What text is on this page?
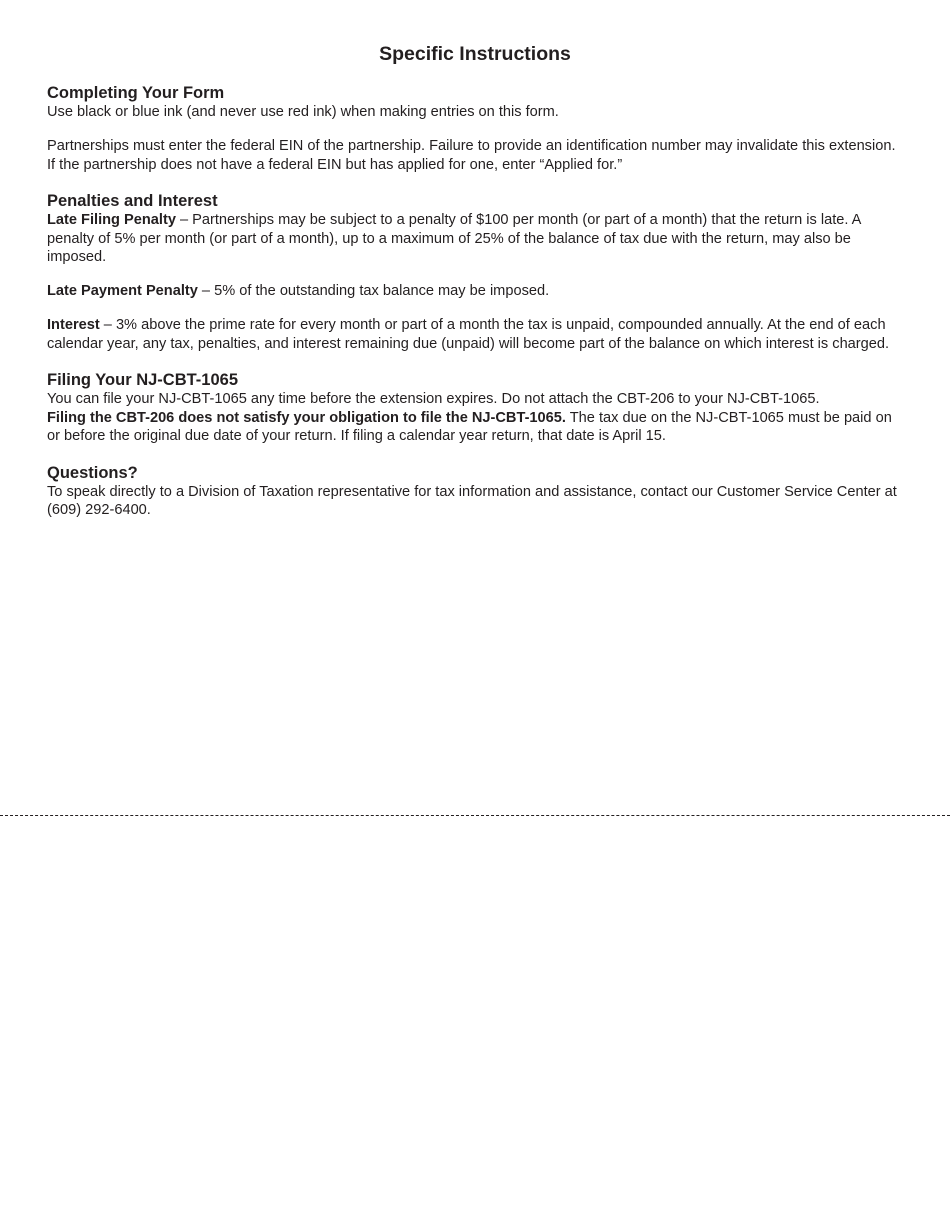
Specific Instructions
Completing Your Form

Use black or blue ink (and never use red ink) when making entries on this form.

Partnerships must enter the federal EIN of the partnership. Failure to provide an identification number may invalidate this extension. If the partnership does not have a federal EIN but has applied for one, enter “Applied for.”

Penalties and Interest

Late Filing Penalty – Partnerships may be subject to a penalty of $100 per month (or part of a month) that the return is late. A penalty of 5% per month (or part of a month), up to a maximum of 25% of the balance of tax due with the return, may also be imposed.

Late Payment Penalty – 5% of the outstanding tax balance may be imposed.

Interest – 3% above the prime rate for every month or part of a month the tax is unpaid, compounded annually. At the end of each calendar year, any tax, penalties, and interest remaining due (unpaid) will become part of the balance on which interest is charged.

Filing Your NJ-CBT-1065

You can file your NJ-CBT-1065 any time before the extension expires. Do not attach the CBT-206 to your NJ-CBT-1065.

Filing the CBT-206 does not satisfy your obligation to file the NJ-CBT-1065. The tax due on the NJ-CBT-1065 must be paid on or before the original due date of your return. If filing a calendar year return, that date is April 15.

Questions?

To speak directly to a Division of Taxation representative for tax information and assistance, contact our Customer Service Center at (609) 292-6400.
